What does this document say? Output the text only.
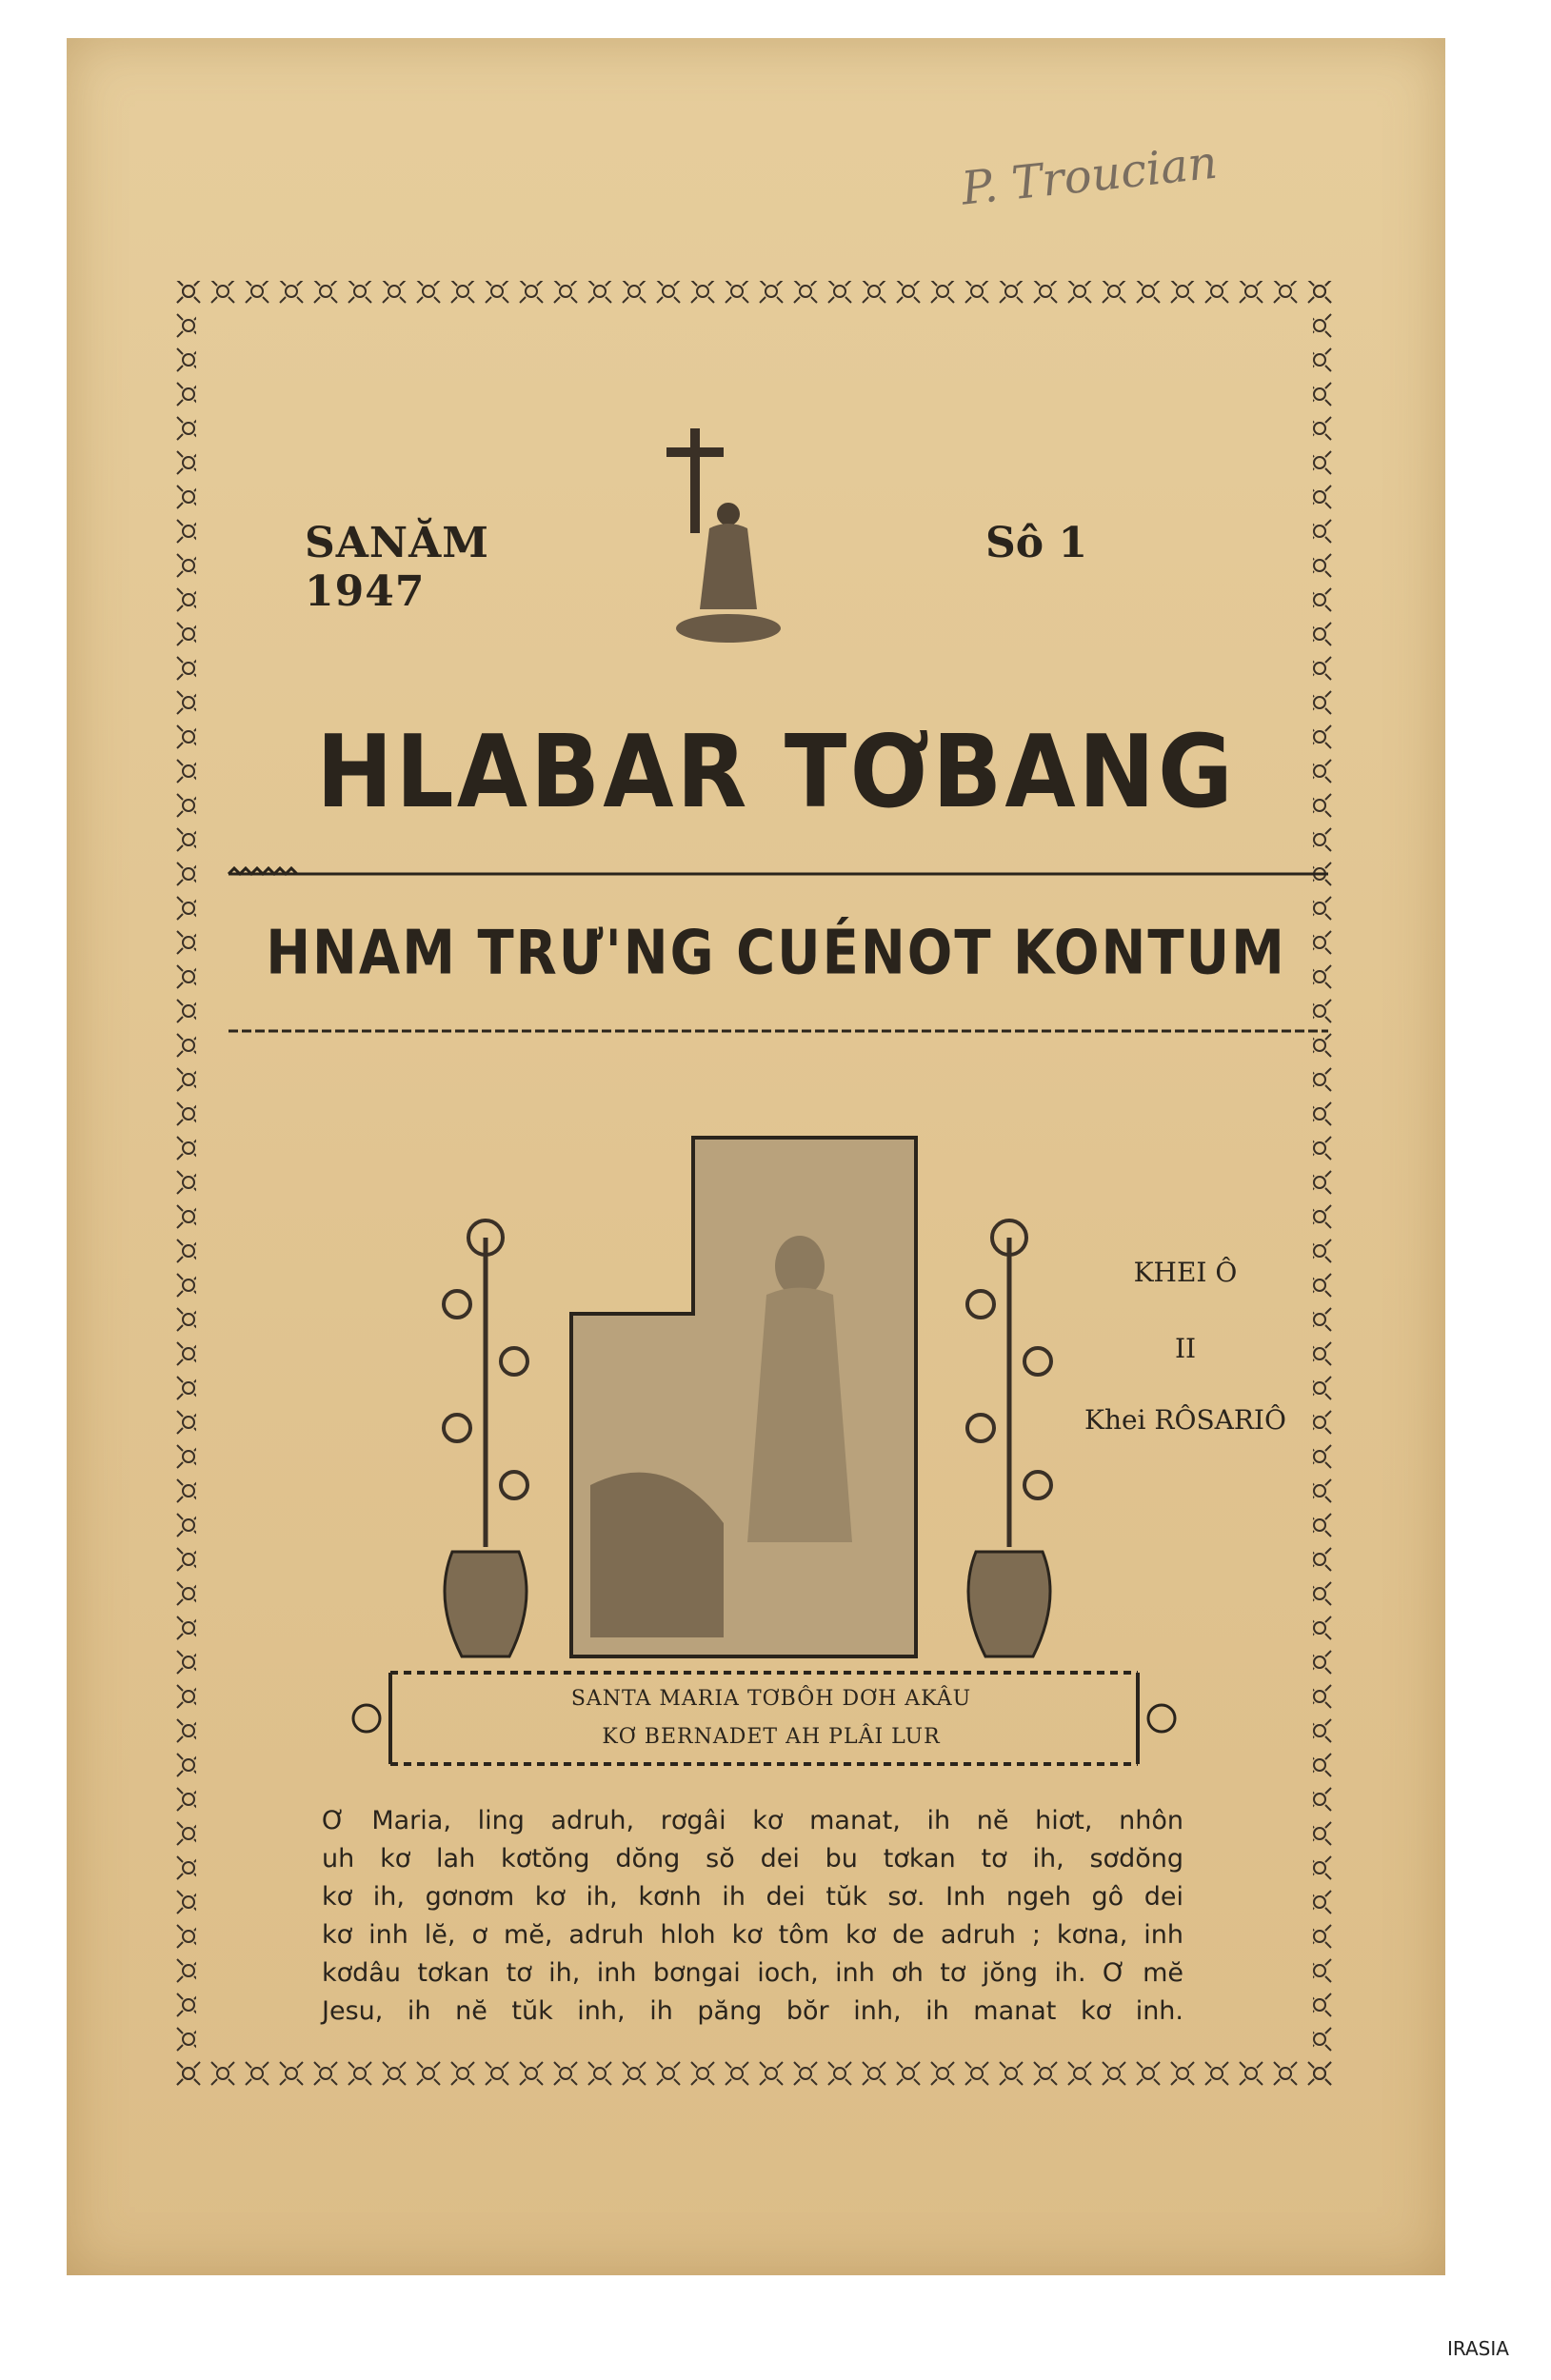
P. Troucian
SANĂM 1947
Sô 1
HLABAR TƠBANG
HNAM TRƯ'NG CUÉNOT KONTUM
KHEI Ô
II
Khei RÔSARIÔ
SANTA MARIA TƠBÔH DƠH AKÂU
KƠ BERNADET AH PLÂI LUR
Ơ Maria, ling adruh, rơgâi kơ manat, ih nĕ hiơt, nhôn
uh kơ lah kơtŏng dŏng sŏ dei bu tơkan tơ ih, sơdŏng
kơ ih, gơnơm kơ ih, kơnh ih dei tŭk sơ. Inh ngeh gô dei
kơ inh lĕ, ơ mĕ, adruh hloh kơ tôm kơ de adruh ; kơna, inh
kơdâu tơkan tơ ih, inh bơngai ioch, inh ơh tơ jŏng ih. Ơ mĕ
Jesu, ih nĕ tŭk inh, ih păng bŏr inh, ih manat kơ inh.
IRASIA
